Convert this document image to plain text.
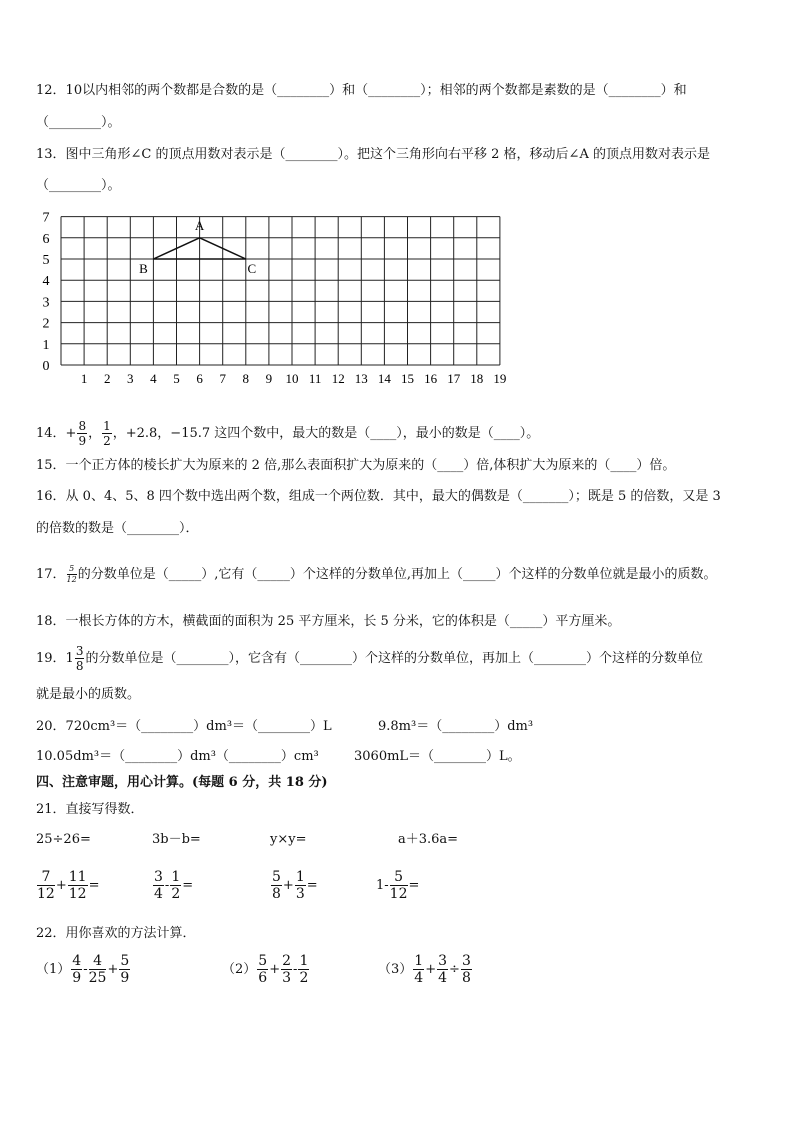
12．10以内相邻的两个数都是合数的是（________）和（________）；相邻的两个数都是素数的是（________）和
（________）。
13．图中三角形∠C 的顶点用数对表示是（________）。把这个三角形向右平移 2 格，移动后∠A 的顶点用数对表示是
（________）。
0
1
2
3
4
5
6
7
1 2 3 4 5 6 7 8 9 10 11 12 13 14 15 16 17 18 19
A
B	C
14．+ $\frac{8}{9}$ ， $\frac{1}{2}$ ，+2.8，−15.7 这四个数中，最大的数是（____），最小的数是（____）。
15．一个正方体的棱长扩大为原来的 2 倍,那么表面积扩大为原来的（____）倍,体积扩大为原来的（____）倍。
16．从 0、4、5、8 四个数中选出两个数，组成一个两位数．其中，最大的偶数是（_______）；既是 5 的倍数，又是 3
的倍数的数是（________）．
17． $\frac{5}{12}$ 的分数单位是（_____）,它有（_____）个这样的分数单位,再加上（_____）个这样的分数单位就是最小的质数。
18．一根长方体的方木，横截面的面积为 25 平方厘米，长 5 分米，它的体积是（_____）平方厘米。
19．$1 \frac{3}{8}$ 的分数单位是（________），它含有（________）个这样的分数单位，再加上（________）个这样的分数单位
就是最小的质数。
20．720cm³＝（________）dm³＝（________）L	9.8m³＝（________）dm³
10.05dm³＝（________）dm³（________）cm³	3060mL＝（________）L。
四、注意审题，用心计算。(每题 6 分，共 18 分)
21．直接写得数．
25÷26=	3b－b=	y×y=	a＋3.6a=
$\frac{7}{12} + \frac{11}{12}$ =	$\frac{3}{4} - \frac{1}{2}$ =	$\frac{5}{8} + \frac{1}{3}$ =	$1- \frac{5}{12}$ =
22．用你喜欢的方法计算．
$(1) \frac{4}{9} - \frac{4}{25} + \frac{5}{9}$	$(2) \frac{5}{6} + \frac{2}{3} - \frac{1}{2}$	$(3) \frac{1}{4} + \frac{3}{4} \div \frac{3}{8}$
